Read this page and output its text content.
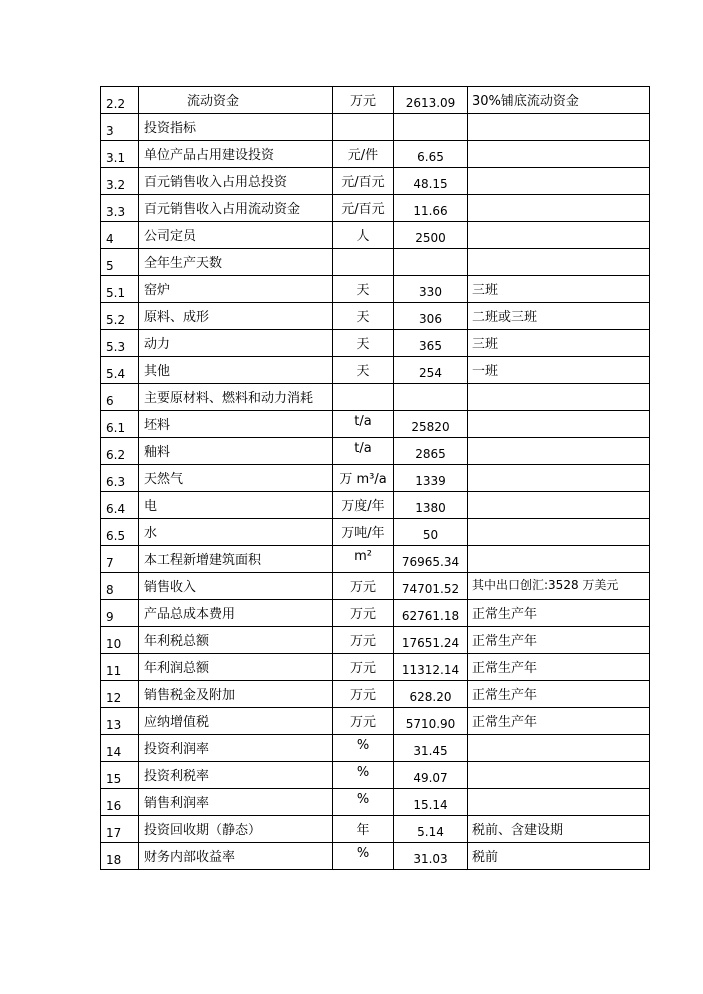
2.2	流动资金	万元	2613.09	30%铺底流动资金
3	投资指标			
3.1	单位产品占用建设投资	元/件	6.65	
3.2	百元销售收入占用总投资	元/百元	48.15	
3.3	百元销售收入占用流动资金	元/百元	11.66	
4	公司定员	人	2500	
5	全年生产天数			
5.1	窑炉	天	330	三班
5.2	原料、成形	天	306	二班或三班
5.3	动力	天	365	三班
5.4	其他	天	254	一班
6	主要原材料、燃料和动力消耗			
6.1	坯料	t/a	25820	
6.2	釉料	t/a	2865	
6.3	天然气	万 m³/a	1339	
6.4	电	万度/年	1380	
6.5	水	万吨/年	50	
7	本工程新增建筑面积	m²	76965.34	
8	销售收入	万元	74701.52	其中出口创汇:3528 万美元
9	产品总成本费用	万元	62761.18	正常生产年
10	年利税总额	万元	17651.24	正常生产年
11	年利润总额	万元	11312.14	正常生产年
12	销售税金及附加	万元	628.20	正常生产年
13	应纳增值税	万元	5710.90	正常生产年
14	投资利润率	%	31.45	
15	投资利税率	%	49.07	
16	销售利润率	%	15.14	
17	投资回收期（静态）	年	5.14	税前、含建设期
18	财务内部收益率	%	31.03	税前
